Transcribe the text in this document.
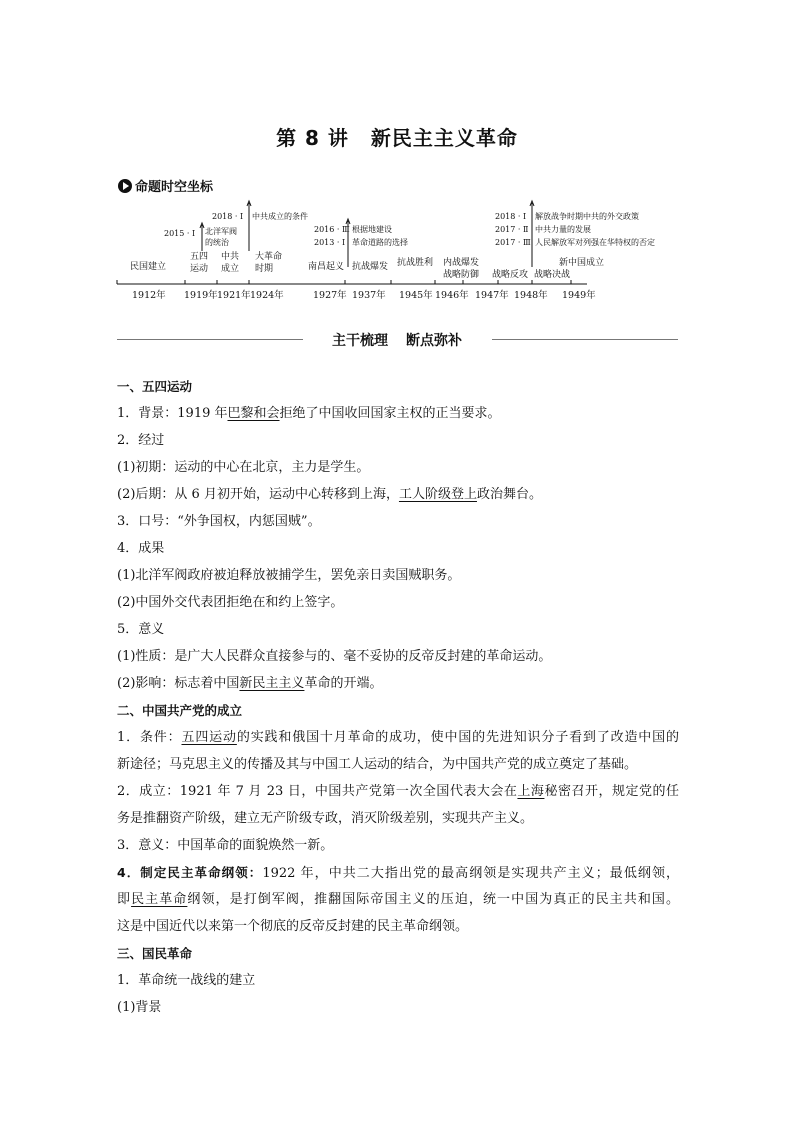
第 8 讲 新民主主义革命
命题时空坐标
2015 · Ⅰ 北洋军阀
的统治
2018 · Ⅰ 中共成立的条件
2016 · Ⅲ 根据地建设
2013 · Ⅰ 革命道路的选择
2018 · Ⅰ 解放战争时期中共的外交政策
2017 · Ⅱ 中共力量的发展
2017 · Ⅲ 人民解放军对列强在华特权的否定
民国建立
五四
运动
中共
成立
大革命
时期	南昌起义 抗战爆发 抗战胜利 内战爆发
战略防御 战略反攻 战略决战
新中国成立
1912年 1919年 1921年 1924年	1927年 1937年 1945年 1946年 1947年 1948年 1949年
主干梳理 断点弥补
一、五四运动
1．背景：1919 年巴黎和会拒绝了中国收回国家主权的正当要求。
2．经过
(1)初期：运动的中心在北京，主力是学生。
(2)后期：从 6 月初开始，运动中心转移到上海，工人阶级登上政治舞台。
3．口号：“外争国权，内惩国贼”。
4．成果
(1)北洋军阀政府被迫释放被捕学生，罢免亲日卖国贼职务。
(2)中国外交代表团拒绝在和约上签字。
5．意义
(1)性质：是广大人民群众直接参与的、毫不妥协的反帝反封建的革命运动。
(2)影响：标志着中国新民主主义革命的开端。
二、中国共产党的成立
1．条件：五四运动的实践和俄国十月革命的成功，使中国的先进知识分子看到了改造中国的
新途径；马克思主义的传播及其与中国工人运动的结合，为中国共产党的成立奠定了基础。
2．成立：1921 年 7 月 23 日，中国共产党第一次全国代表大会在上海秘密召开，规定党的任
务是推翻资产阶级，建立无产阶级专政，消灭阶级差别，实现共产主义。
3．意义：中国革命的面貌焕然一新。
4．制定民主革命纲领：1922 年，中共二大指出党的最高纲领是实现共产主义；最低纲领，
即民主革命纲领，是打倒军阀，推翻国际帝国主义的压迫，统一中国为真正的民主共和国。
这是中国近代以来第一个彻底的反帝反封建的民主革命纲领。
三、国民革命
1．革命统一战线的建立
(1)背景
